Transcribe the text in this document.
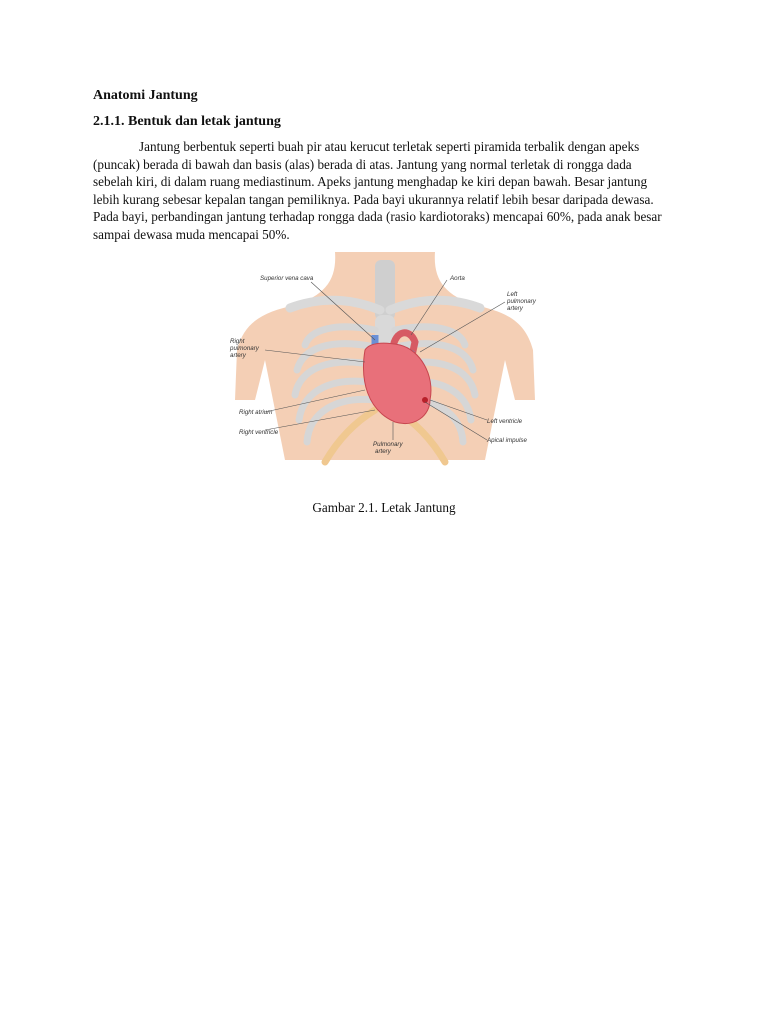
Anatomi Jantung

2.1.1. Bentuk dan letak jantung

Jantung berbentuk seperti buah pir atau kerucut terletak seperti piramida terbalik dengan apeks (puncak) berada di bawah dan basis (alas) berada di atas. Jantung yang normal terletak di rongga dada sebelah kiri, di dalam ruang mediastinum. Apeks jantung menghadap ke kiri depan bawah. Besar jantung lebih kurang sebesar kepalan tangan pemiliknya. Pada bayi ukurannya relatif lebih besar daripada dewasa. Pada bayi, perbandingan jantung terhadap rongga dada (rasio kardiotoraks) mencapai 60%, pada anak besar sampai dewasa muda mencapai 50%.

Superior vena cava	Aorta
Left pulmonary artery
Right pulmonary artery
Right atrium
Right ventricle
Left ventricle
Apical impulse
Pulmonary artery
Gambar 2.1. Letak Jantung
